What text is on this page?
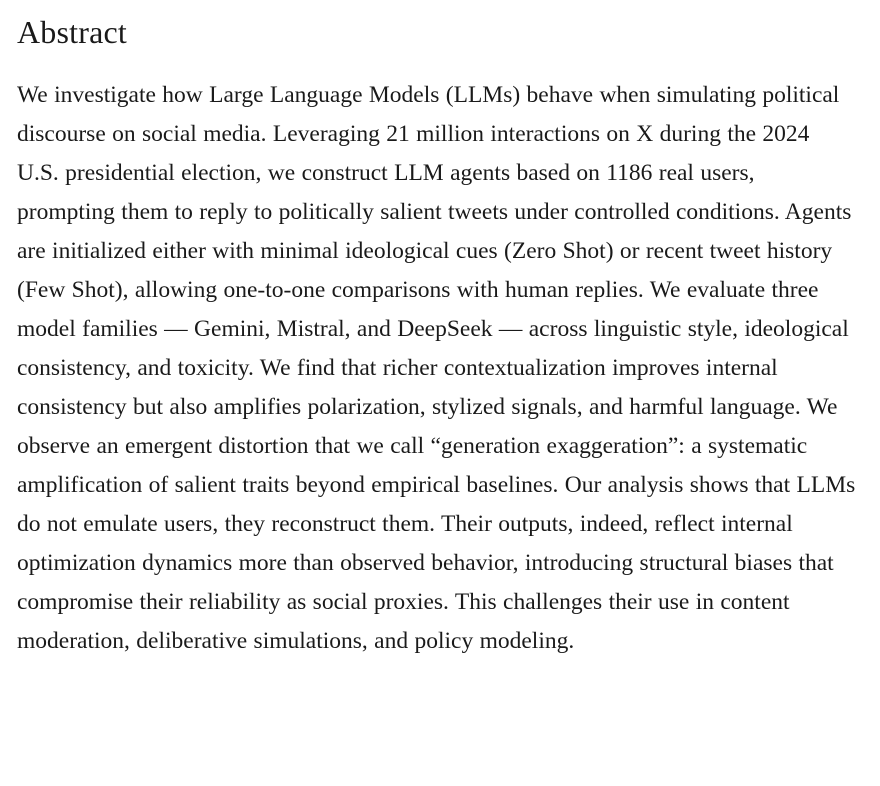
Abstract

We investigate how Large Language Models (LLMs) behave when simulating political discourse on social media. Leveraging 21 million interactions on X during the 2024 U.S. presidential election, we construct LLM agents based on 1186 real users, prompting them to reply to politically salient tweets under controlled conditions. Agents are initialized either with minimal ideological cues (Zero Shot) or recent tweet history (Few Shot), allowing one-to-one comparisons with human replies. We evaluate three model families — Gemini, Mistral, and DeepSeek — across linguistic style, ideological consistency, and toxicity. We find that richer contextualization improves internal consistency but also amplifies polarization, stylized signals, and harmful language. We observe an emergent distortion that we call “generation exaggeration”: a systematic amplification of salient traits beyond empirical baselines. Our analysis shows that LLMs do not emulate users, they reconstruct them. Their outputs, indeed, reflect internal optimization dynamics more than observed behavior, introducing structural biases that compromise their reliability as social proxies. This challenges their use in content moderation, deliberative simulations, and policy modeling.
